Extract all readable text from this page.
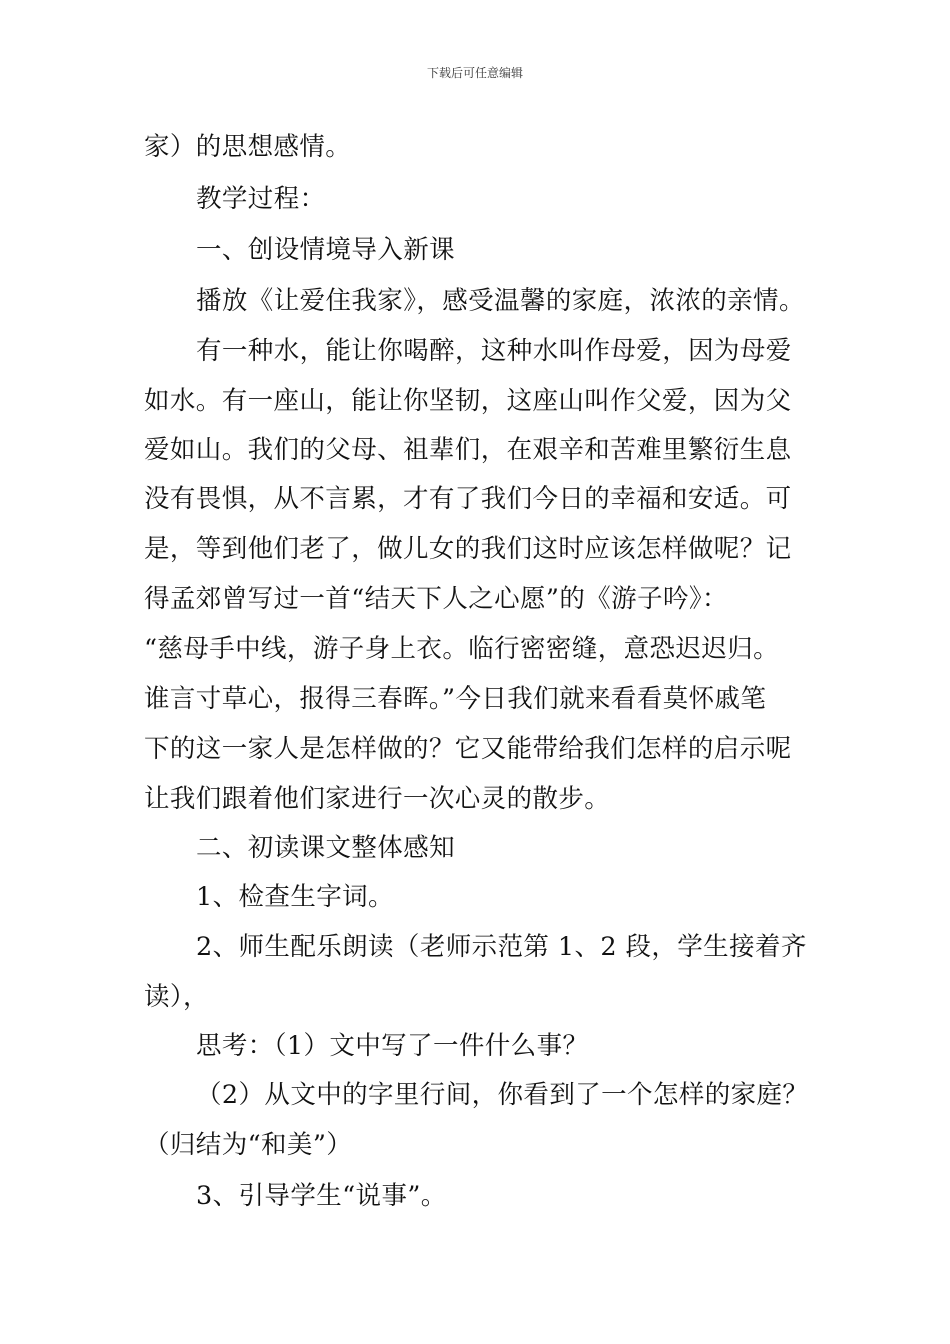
下载后可任意编辑
家）的思想感情。
教学过程：
一、创设情境导入新课
播放《让爱住我家》，感受温馨的家庭，浓浓的亲情。
有一种水，能让你喝醉，这种水叫作母爱，因为母爱
如水。有一座山，能让你坚韧，这座山叫作父爱，因为父
爱如山。我们的父母、祖辈们，在艰辛和苦难里繁衍生息
没有畏惧，从不言累，才有了我们今日的幸福和安适。可
是，等到他们老了，做儿女的我们这时应该怎样做呢？记
得孟郊曾写过一首“结天下人之心愿”的《游子吟》：
“慈母手中线，游子身上衣。临行密密缝，意恐迟迟归。
谁言寸草心，报得三春晖。”今日我们就来看看莫怀戚笔
下的这一家人是怎样做的？它又能带给我们怎样的启示呢
让我们跟着他们家进行一次心灵的散步。
二、初读课文整体感知
1、检查生字词。
2、师生配乐朗读（老师示范第 1、2 段，学生接着齐
读），
思考：（1）文中写了一件什么事？
（2）从文中的字里行间，你看到了一个怎样的家庭？
（归结为“和美”）
3、引导学生“说事”。
